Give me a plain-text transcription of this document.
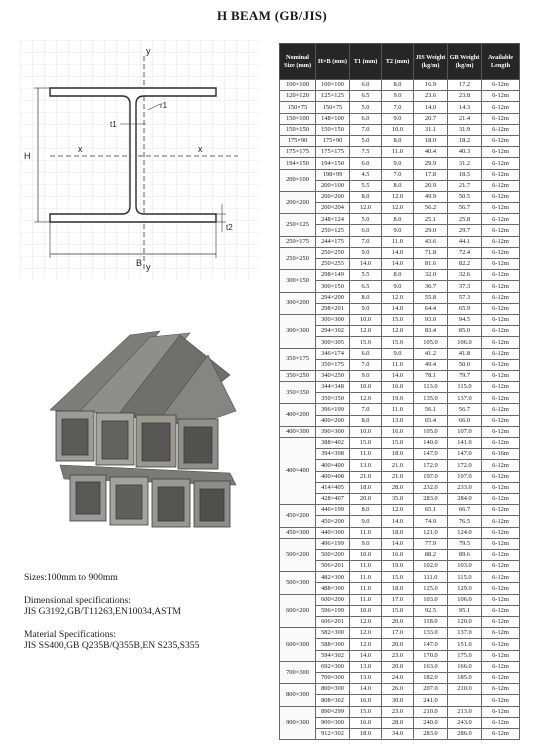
H BEAM (GB/JIS)
y
y
x	x
H
B
t1
t2
r1
Sizes:100mm to 900mm
Dimensional specifications:
JIS G3192,GB/T11263,EN10034,ASTM
Material Specifications:
JIS SS400,GB Q235B/Q355B,EN S235,S355
Nominal Size (mm)	H×B (mm)	T1 (mm)	T2 (mm)	JIS Weight (kg/m)	GB Weight (kg/m)	Available Length
100×100	100×100	6.0	8.0	16.9	17.2	6-12m
120×120	125×125	6.5	9.0	23.6	23.8	6-12m
150×75	150×75	5.0	7.0	14.0	14.3	6-12m
150×100	148×100	6.0	9.0	20.7	21.4	6-12m
150×150	150×150	7.0	10.0	31.1	31.9	6-12m
175×90	175×90	5.0	8.0	18.0	18.2	6-12m
175×175	175×175	7.5	11.0	40.4	40.3	6-12m
194×150	194×150	6.0	9.0	29.9	31.2	6-12m
200×100	198×99	4.5	7.0	17.8	18.5	6-12m
	200×100	5.5	8.0	20.9	21.7	6-12m
200×200	200×200	8.0	12.0	49.9	50.5	6-12m
	200×204	12.0	12.0	56.2	56.7	6-12m
250×125	248×124	5.0	8.0	25.1	25.8	6-12m
	250×125	6.0	9.0	29.0	29.7	6-12m
250×175	244×175	7.0	11.0	43.6	44.1	6-12m
250×250	250×250	9.0	14.0	71.8	72.4	6-12m
	250×255	14.0	14.0	81.6	82.2	6-12m
300×150	298×149	5.5	8.0	32.0	32.6	6-12m
	300×150	6.5	9.0	36.7	37.3	6-12m
300×200	294×200	8.0	12.0	55.8	57.3	6-12m
	298×201	9.0	14.0	64.4	65.9	6-12m
300×300	300×300	10.0	15.0	93.0	94.5	6-12m
	294×302	12.0	12.0	83.4	85.0	6-12m
	300×305	15.0	15.0	105.0	106.0	6-12m
350×175	346×174	6.0	9.0	41.2	41.8	6-12m
	350×175	7.0	11.0	49.4	50.0	6-12m
350×250	340×250	9.0	14.0	78.1	79.7	6-12m
350×350	344×348	10.0	16.0	113.0	115.0	6-12m
	350×350	12.0	19.0	135.0	137.0	6-12m
400×200	396×199	7.0	11.0	56.1	56.7	6-12m
	400×200	8.0	13.0	65.4	66.0	6-12m
400×300	390×300	10.0	16.0	105.0	107.0	6-12m
400×400	388×402	15.0	15.0	140.0	141.0	6-12m
	394×398	11.0	18.0	147.0	147.0	6-16m
	400×400	13.0	21.0	172.0	172.0	6-12m
	400×408	21.0	21.0	197.0	197.0	6-12m
	414×405	18.0	28.0	232.0	233.0	6-12m
	428×407	20.0	35.0	283.0	284.0	6-12m
450×200	446×199	8.0	12.0	65.1	66.7	6-12m
	450×200	9.0	14.0	74.9	76.5	6-12m
450×300	440×300	11.0	18.0	121.0	124.0	6-12m
500×200	496×199	9.0	14.0	77.9	79.5	6-12m
	500×200	10.0	16.0	88.2	89.6	6-12m
	506×201	11.0	19.0	102.0	103.0	6-12m
500×300	482×300	11.0	15.0	111.0	115.0	6-12m
	488×300	11.0	18.0	125.0	129.0	6-12m
600×200	600×200	11.0	17.0	103.0	106.0	6-12m
	596×199	10.0	15.0	92.5	95.1	6-12m
	606×201	12.0	20.0	118.0	120.0	6-12m
600×300	582×300	12.0	17.0	133.0	137.0	6-12m
	588×300	12.0	20.0	147.0	151.0	6-12m
	594×302	14.0	23.0	170.0	175.0	6-12m
700×300	692×300	13.0	20.0	163.0	166.0	6-12m
	700×300	13.0	24.0	182.0	185.0	6-12m
800×300	800×300	14.0	26.0	207.0	210.0	6-12m
	808×302	16.0	30.0	241.0		6-12m
900×300	890×299	15.0	23.0	210.0	213.0	6-12m
	900×300	16.0	28.0	240.0	243.0	6-12m
	912×302	18.0	34.0	283.0	286.0	6-12m
